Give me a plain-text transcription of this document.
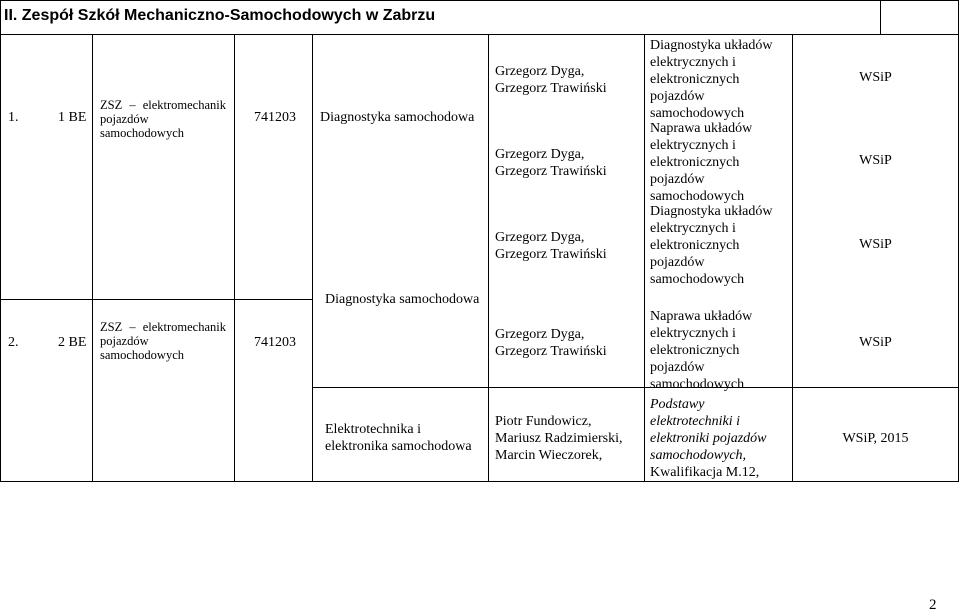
II. Zespół Szkół Mechaniczno-Samochodowych w Zabrzu
1.	1 BE
ZSZ – elektromechanik pojazdów samochodowych
741203 Diagnostyka samochodowa
Grzegorz Dyga,
Grzegorz Trawiński
Grzegorz Dyga,
Grzegorz Trawiński
Diagnostyka układów
elektrycznych i
elektronicznych
pojazdów
samochodowych
Naprawa układów
elektrycznych i
elektronicznych
pojazdów
samochodowych
WSiP
WSiP
2.	2 BE
ZSZ – elektromechanik pojazdów samochodowych
741203
Diagnostyka samochodowa
Elektrotechnika i
elektronika samochodowa
Grzegorz Dyga,
Grzegorz Trawiński
Grzegorz Dyga,
Grzegorz Trawiński
Piotr Fundowicz,
Mariusz Radzimierski,
Marcin Wieczorek,
Diagnostyka układów
elektrycznych i
elektronicznych
pojazdów
samochodowych
Naprawa układów
elektrycznych i
elektronicznych
pojazdów
samochodowych
Podstawy
elektrotechniki i
elektroniki pojazdów
samochodowych,
Kwalifikacja M.12,
WSiP
WSiP
WSiP, 2015
2
